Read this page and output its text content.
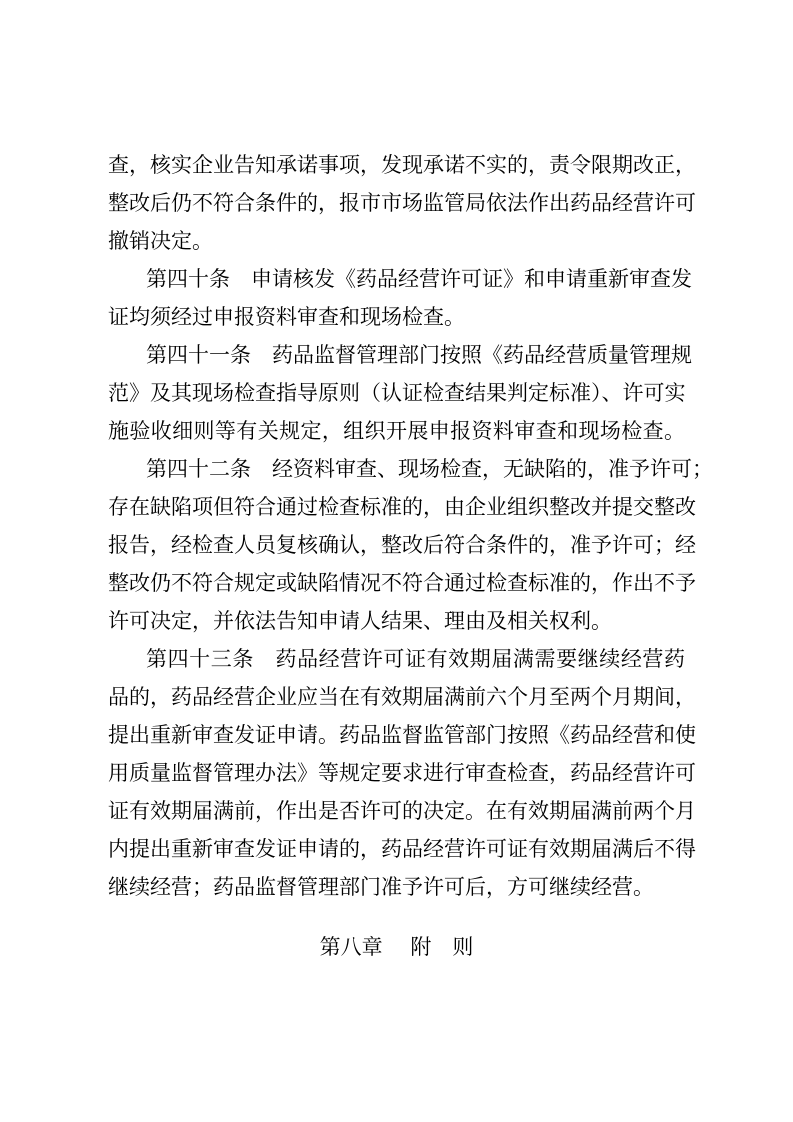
查，核实企业告知承诺事项，发现承诺不实的，责令限期改正，
整改后仍不符合条件的，报市市场监管局依法作出药品经营许可
撤销决定。
第四十条　申请核发《药品经营许可证》和申请重新审查发
证均须经过申报资料审查和现场检查。
第四十一条　药品监督管理部门按照《药品经营质量管理规
范》及其现场检查指导原则（认证检查结果判定标准）、许可实
施验收细则等有关规定，组织开展申报资料审查和现场检查。
第四十二条　经资料审查、现场检查，无缺陷的，准予许可；
存在缺陷项但符合通过检查标准的，由企业组织整改并提交整改
报告，经检查人员复核确认，整改后符合条件的，准予许可；经
整改仍不符合规定或缺陷情况不符合通过检查标准的，作出不予
许可决定，并依法告知申请人结果、理由及相关权利。
第四十三条　药品经营许可证有效期届满需要继续经营药
品的，药品经营企业应当在有效期届满前六个月至两个月期间，
提出重新审查发证申请。药品监督监管部门按照《药品经营和使
用质量监督管理办法》等规定要求进行审查检查，药品经营许可
证有效期届满前，作出是否许可的决定。在有效期届满前两个月
内提出重新审查发证申请的，药品经营许可证有效期届满后不得
继续经营；药品监督管理部门准予许可后，方可继续经营。
第八章　 附　则
